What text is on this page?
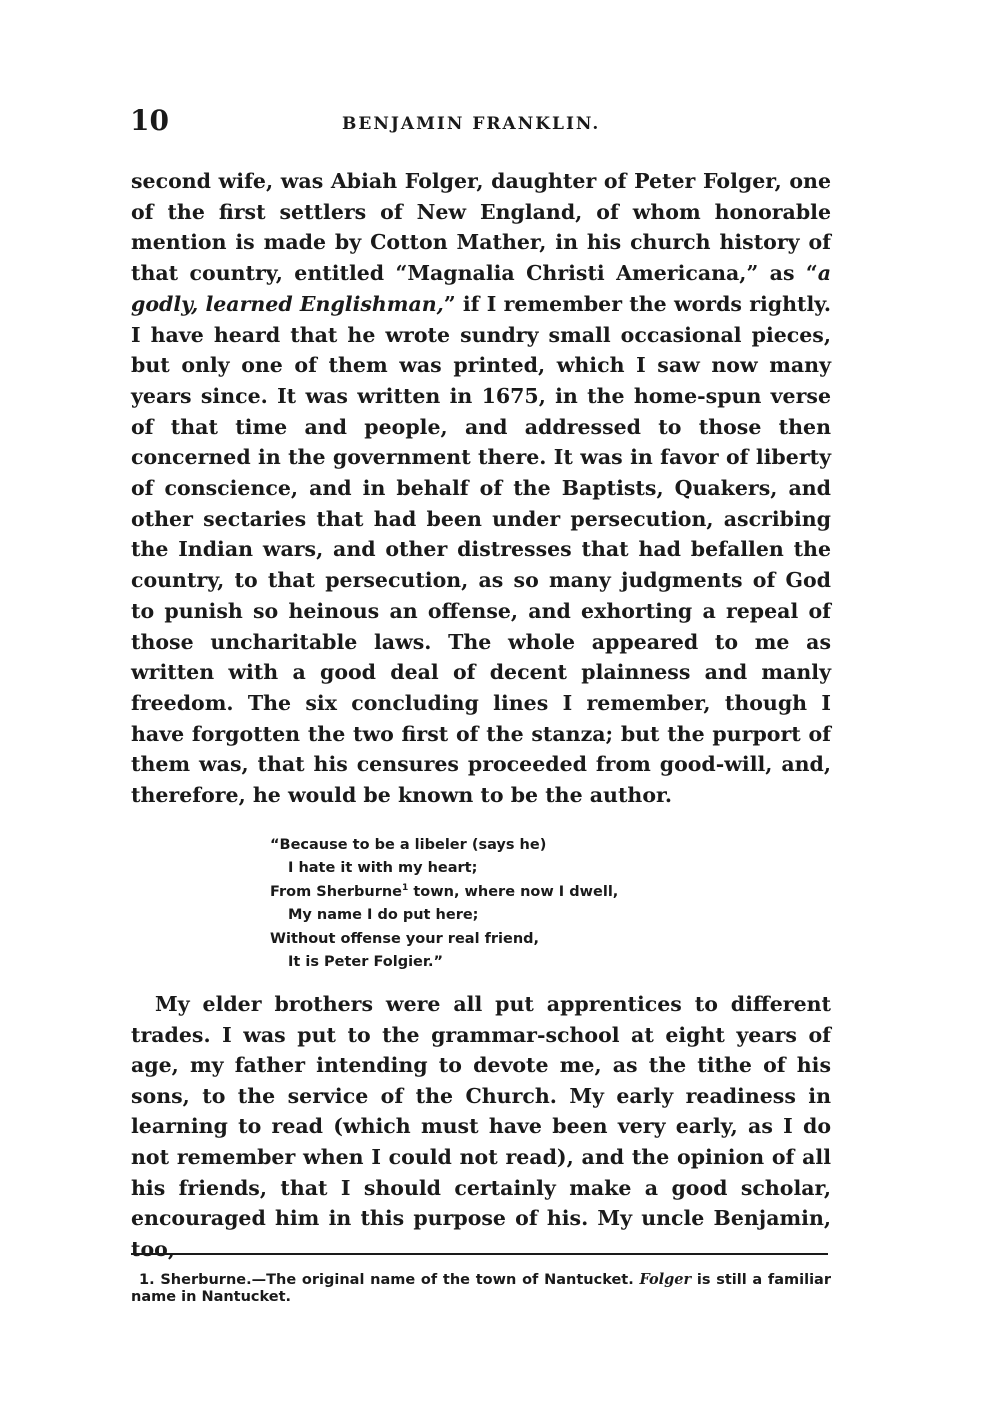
10	BENJAMIN FRANKLIN.

second wife, was Abiah Folger, daughter of Peter Folger, one of the first settlers of New England, of whom honorable mention is made by Cotton Mather, in his church history of that country, entitled “Magnalia Christi Americana,” as “a godly, learned Englishman,” if I remember the words rightly. I have heard that he wrote sundry small occasional pieces, but only one of them was printed, which I saw now many years since. It was written in 1675, in the home-spun verse of that time and people, and addressed to those then concerned in the government there. It was in favor of liberty of conscience, and in behalf of the Baptists, Quakers, and other sectaries that had been under persecution, ascribing the Indian wars, and other distresses that had befallen the country, to that persecution, as so many judgments of God to punish so heinous an offense, and exhorting a repeal of those uncharitable laws. The whole appeared to me as written with a good deal of decent plainness and manly freedom. The six concluding lines I remember, though I have forgotten the two first of the stanza; but the purport of them was, that his censures proceeded from good-will, and, therefore, he would be known to be the author.

“Because to be a libeler (says he)
I hate it with my heart;
From Sherburne$^1$ town, where now I dwell,
My name I do put here;
Without offense your real friend,
It is Peter Folgier.”

My elder brothers were all put apprentices to different trades. I was put to the grammar-school at eight years of age, my father intending to devote me, as the tithe of his sons, to the service of the Church. My early readiness in learning to read (which must have been very early, as I do not remember when I could not read), and the opinion of all his friends, that I should certainly make a good scholar, encouraged him in this purpose of his. My uncle Benjamin, too,

1. Sherburne.—The original name of the town of Nantucket. Folger is still a familiar name in Nantucket.
